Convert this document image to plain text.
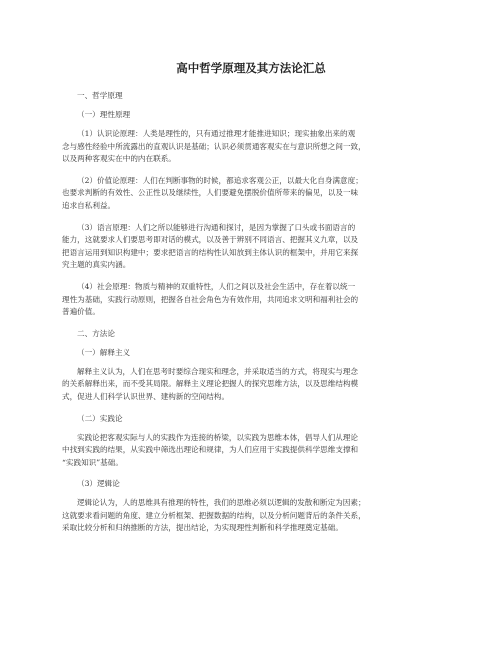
高中哲学原理及其方法论汇总
一、哲学原理
（一）理性原理
（1）认识论原理：人类是理性的，只有通过推理才能推进知识；现实抽象出来的观
念与感性经验中所流露出的直观认识是基础；认识必须贯通客观实在与意识所想之间一致，
以及两种客观实在中的内在联系。
（2）价值论原理：人们在判断事物的时候，都追求客观公正，以最大化自身满意度；
也要求判断的有效性、公正性以及继续性，人们要避免摆脱价值所带来的偏见，以及一味
追求自私利益。
（3）语言原理：人们之所以能够进行沟通和探讨，是因为掌握了口头或书面语言的
能力，这就要求人们要思考即对话的模式，以及善于辨别不同语言、把握其义九章，以及
把语言运用到知识构建中；要求把语言的结构性认知放到主体认识的框架中，并用它来探
究主题的真实内涵。
（4）社会原理：物质与精神的双重特性，人们之间以及社会生活中，存在着以统一
理性为基础，实践行动原则，把握各自社会角色为有效作用，共同追求文明和福利社会的
普遍价值。
二、方法论
（一）解释主义
解释主义认为，人们在思考时要综合现实和理念，并采取适当的方式，将现实与理念
的关系解释出来，而不受其局限。解释主义理论把握人的探究思维方法，以及思维结构模
式，促进人们科学认识世界、建构新的空间结构。
（二）实践论
实践论把客观实际与人的实践作为连接的桥梁，以实践为思维本体，倡导人们从理论
中找到实践的结果，从实践中筛选出理论和规律，为人们应用于实践提供科学思维支撑和
“实践知识”基础。
（3）逻辑论
逻辑论认为，人的思维具有推理的特性，我们的思维必须以逻辑的发散和断定为因素；
这就要求看问题的角度、建立分析框架、把握数据的结构，以及分析问题背后的条件关系，
采取比较分析和归纳推断的方法，提出结论，为实现理性判断和科学推理奠定基础。
